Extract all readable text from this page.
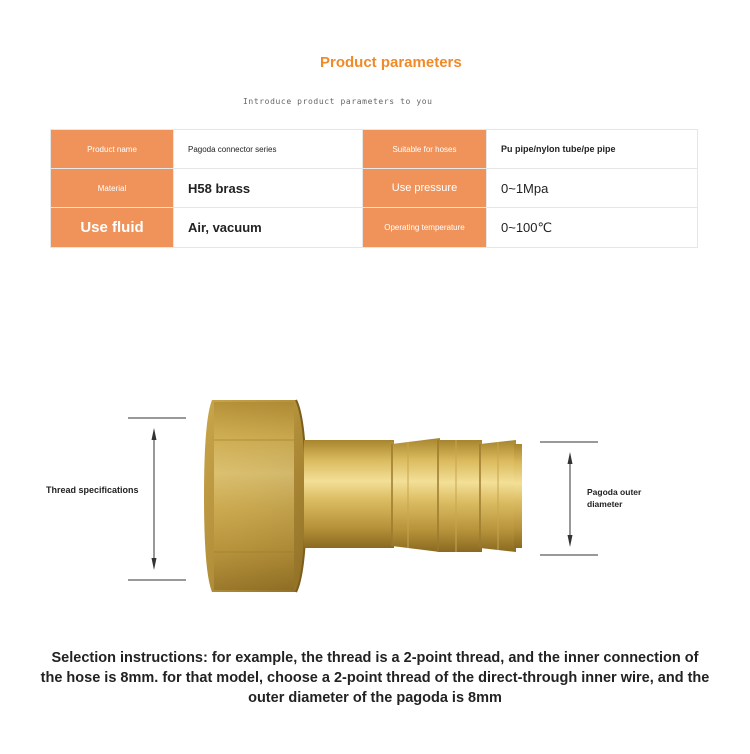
Product parameters
Introduce product parameters to you
Product name	Pagoda connector series	Suitable for hoses	Pu pipe/nylon tube/pe pipe
Material	H58 brass	Use pressure	0~1Mpa
Use fluid	Air, vacuum	Operating temperature	0~100℃
Thread specifications	Pagoda outer diameter
Selection instructions: for example, the thread is a 2-point thread, and the inner connection of the hose is 8mm. for that model, choose a 2-point thread of the direct-through inner wire, and the outer diameter of the pagoda is 8mm
